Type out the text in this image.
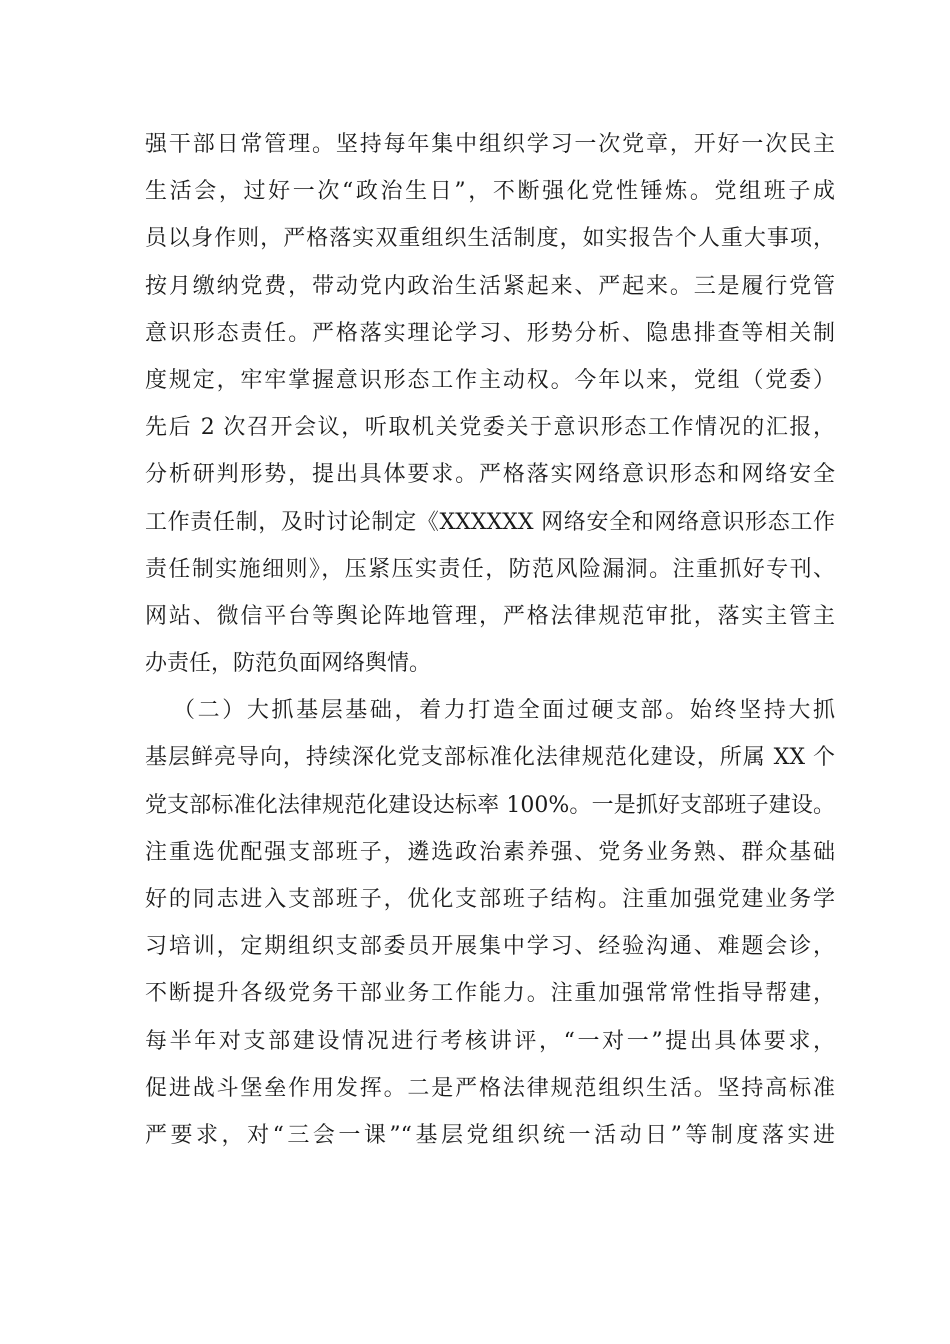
强干部日常管理。坚持每年集中组织学习一次党章，开好一次民主
生活会，过好一次“政治生日”，不断强化党性锤炼。党组班子成
员以身作则，严格落实双重组织生活制度，如实报告个人重大事项，
按月缴纳党费，带动党内政治生活紧起来、严起来。三是履行党管
意识形态责任。严格落实理论学习、形势分析、隐患排查等相关制
度规定，牢牢掌握意识形态工作主动权。今年以来，党组（党委）
先后 2 次召开会议，听取机关党委关于意识形态工作情况的汇报，
分析研判形势，提出具体要求。严格落实网络意识形态和网络安全
工作责任制，及时讨论制定《XXXXXX 网络安全和网络意识形态工作
责任制实施细则》，压紧压实责任，防范风险漏洞。注重抓好专刊、
网站、微信平台等舆论阵地管理，严格法律规范审批，落实主管主
办责任，防范负面网络舆情。
（二）大抓基层基础，着力打造全面过硬支部。始终坚持大抓
基层鲜亮导向，持续深化党支部标准化法律规范化建设，所属 XX 个
党支部标准化法律规范化建设达标率 100%。一是抓好支部班子建设。
注重选优配强支部班子，遴选政治素养强、党务业务熟、群众基础
好的同志进入支部班子，优化支部班子结构。注重加强党建业务学
习培训，定期组织支部委员开展集中学习、经验沟通、难题会诊，
不断提升各级党务干部业务工作能力。注重加强常常性指导帮建，
每半年对支部建设情况进行考核讲评，“一对一”提出具体要求，
促进战斗堡垒作用发挥。二是严格法律规范组织生活。坚持高标准
严要求，对“三会一课”“基层党组织统一活动日”等制度落实进
